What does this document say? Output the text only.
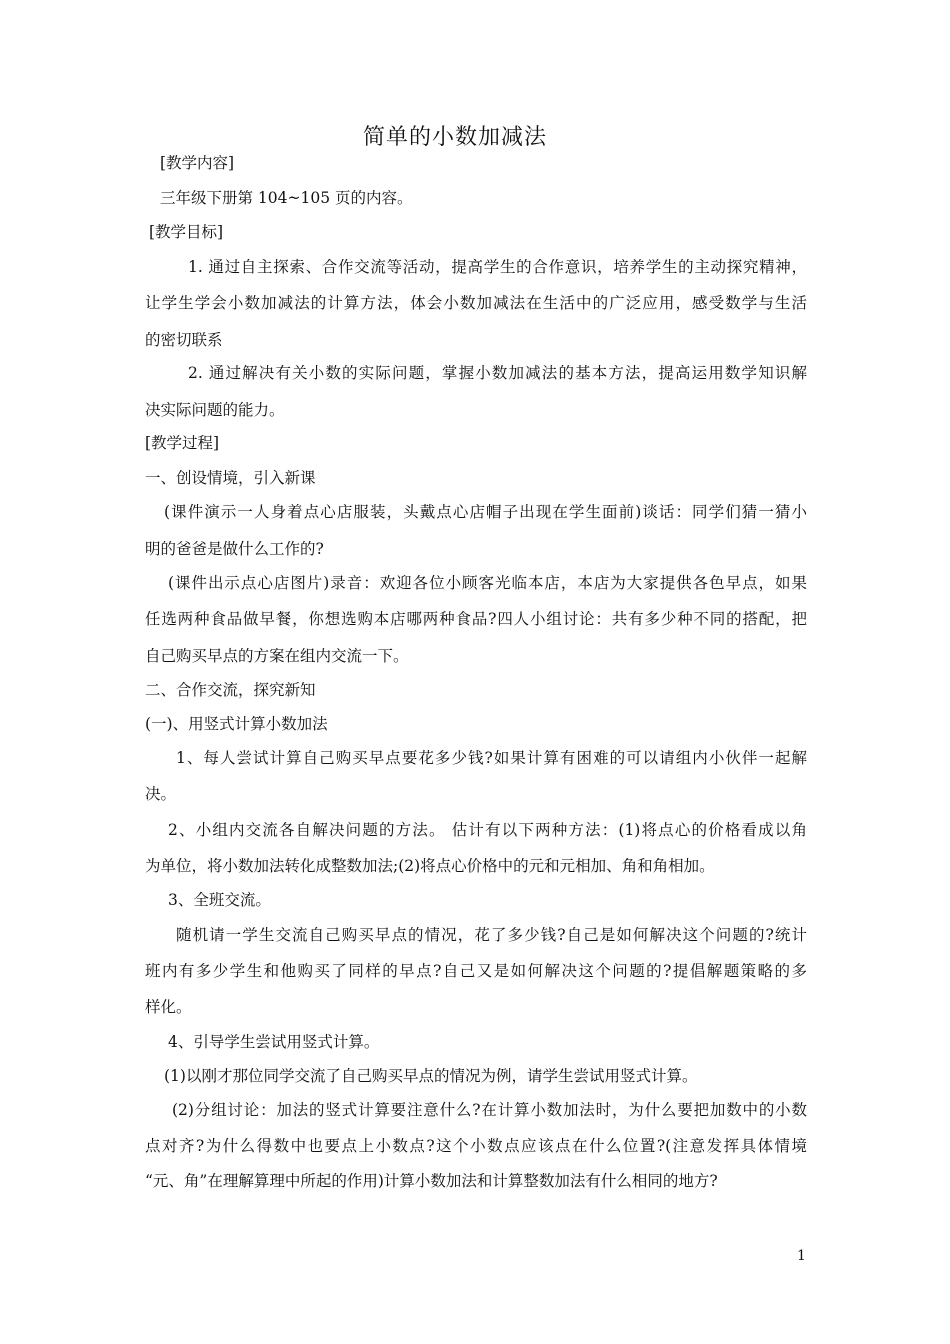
简单的小数加减法
[教学内容]
三年级下册第 104~105 页的内容。
[教学目标]
1. 通过自主探索、合作交流等活动，提高学生的合作意识，培养学生的主动探究精神，
让学生学会小数加减法的计算方法，体会小数加减法在生活中的广泛应用，感受数学与生活
的密切联系
2. 通过解决有关小数的实际问题，掌握小数加减法的基本方法，提高运用数学知识解
决实际问题的能力。
[教学过程]
一、创设情境，引入新课
(课件演示一人身着点心店服装，头戴点心店帽子出现在学生面前)谈话：同学们猜一猜小
明的爸爸是做什么工作的?
(课件出示点心店图片)录音：欢迎各位小顾客光临本店，本店为大家提供各色早点，如果
任选两种食品做早餐，你想选购本店哪两种食品?四人小组讨论：共有多少种不同的搭配，把
自己购买早点的方案在组内交流一下。
二、合作交流，探究新知
(一)、用竖式计算小数加法
1、每人尝试计算自己购买早点要花多少钱?如果计算有困难的可以请组内小伙伴一起解
决。
2、小组内交流各自解决问题的方法。 估计有以下两种方法：(1)将点心的价格看成以角
为单位，将小数加法转化成整数加法;(2)将点心价格中的元和元相加、角和角相加。
3、全班交流。
随机请一学生交流自己购买早点的情况，花了多少钱?自己是如何解决这个问题的?统计
班内有多少学生和他购买了同样的早点?自己又是如何解决这个问题的?提倡解题策略的多
样化。
4、引导学生尝试用竖式计算。
(1)以刚才那位同学交流了自己购买早点的情况为例，请学生尝试用竖式计算。
(2)分组讨论：加法的竖式计算要注意什么?在计算小数加法时，为什么要把加数中的小数
点对齐?为什么得数中也要点上小数点?这个小数点应该点在什么位置?(注意发挥具体情境
“元、角”在理解算理中所起的作用)计算小数加法和计算整数加法有什么相同的地方?
1
